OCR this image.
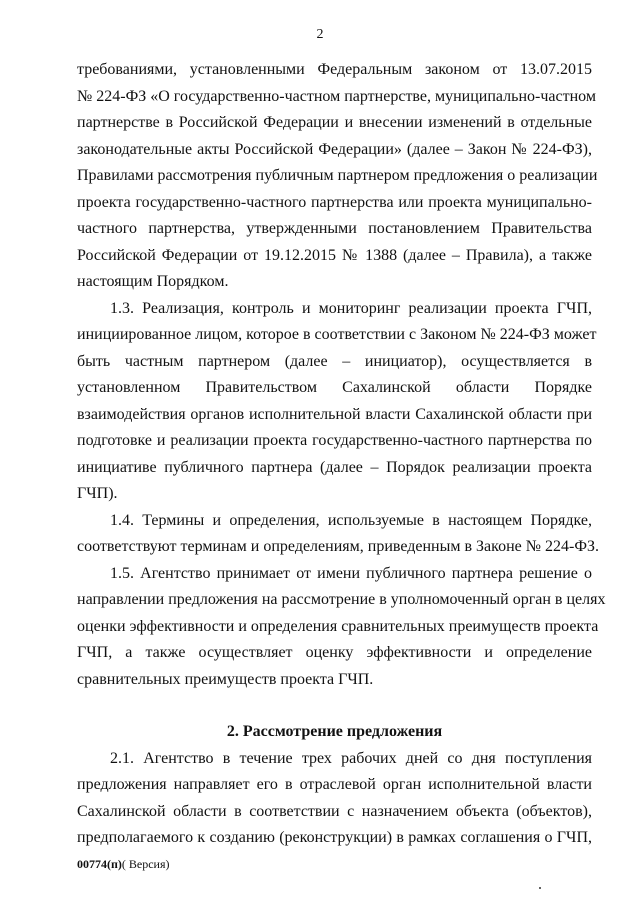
2
требованиями, установленными Федеральным законом от 13.07.2015
№ 224-ФЗ «О государственно-частном партнерстве, муниципально-частном
партнерстве в Российской Федерации и внесении изменений в отдельные
законодательные акты Российской Федерации» (далее – Закон № 224-ФЗ),
Правилами рассмотрения публичным партнером предложения о реализации
проекта государственно-частного партнерства или проекта муниципально-
частного партнерства, утвержденными постановлением Правительства
Российской Федерации от 19.12.2015 № 1388 (далее – Правила), а также
настоящим Порядком.
1.3. Реализация, контроль и мониторинг реализации проекта ГЧП,
инициированное лицом, которое в соответствии с Законом № 224-ФЗ может
быть частным партнером (далее – инициатор), осуществляется в
установленном Правительством Сахалинской области Порядке
взаимодействия органов исполнительной власти Сахалинской области при
подготовке и реализации проекта государственно-частного партнерства по
инициативе публичного партнера (далее – Порядок реализации проекта
ГЧП).
1.4. Термины и определения, используемые в настоящем Порядке,
соответствуют терминам и определениям, приведенным в Законе № 224-ФЗ.
1.5. Агентство принимает от имени публичного партнера решение о
направлении предложения на рассмотрение в уполномоченный орган в целях
оценки эффективности и определения сравнительных преимуществ проекта
ГЧП, а также осуществляет оценку эффективности и определение
сравнительных преимуществ проекта ГЧП.
2. Рассмотрение предложения
2.1. Агентство в течение трех рабочих дней со дня поступления
предложения направляет его в отраслевой орган исполнительной власти
Сахалинской области в соответствии с назначением объекта (объектов),
предполагаемого к созданию (реконструкции) в рамках соглашения о ГЧП,
00774(п)( Версия)
